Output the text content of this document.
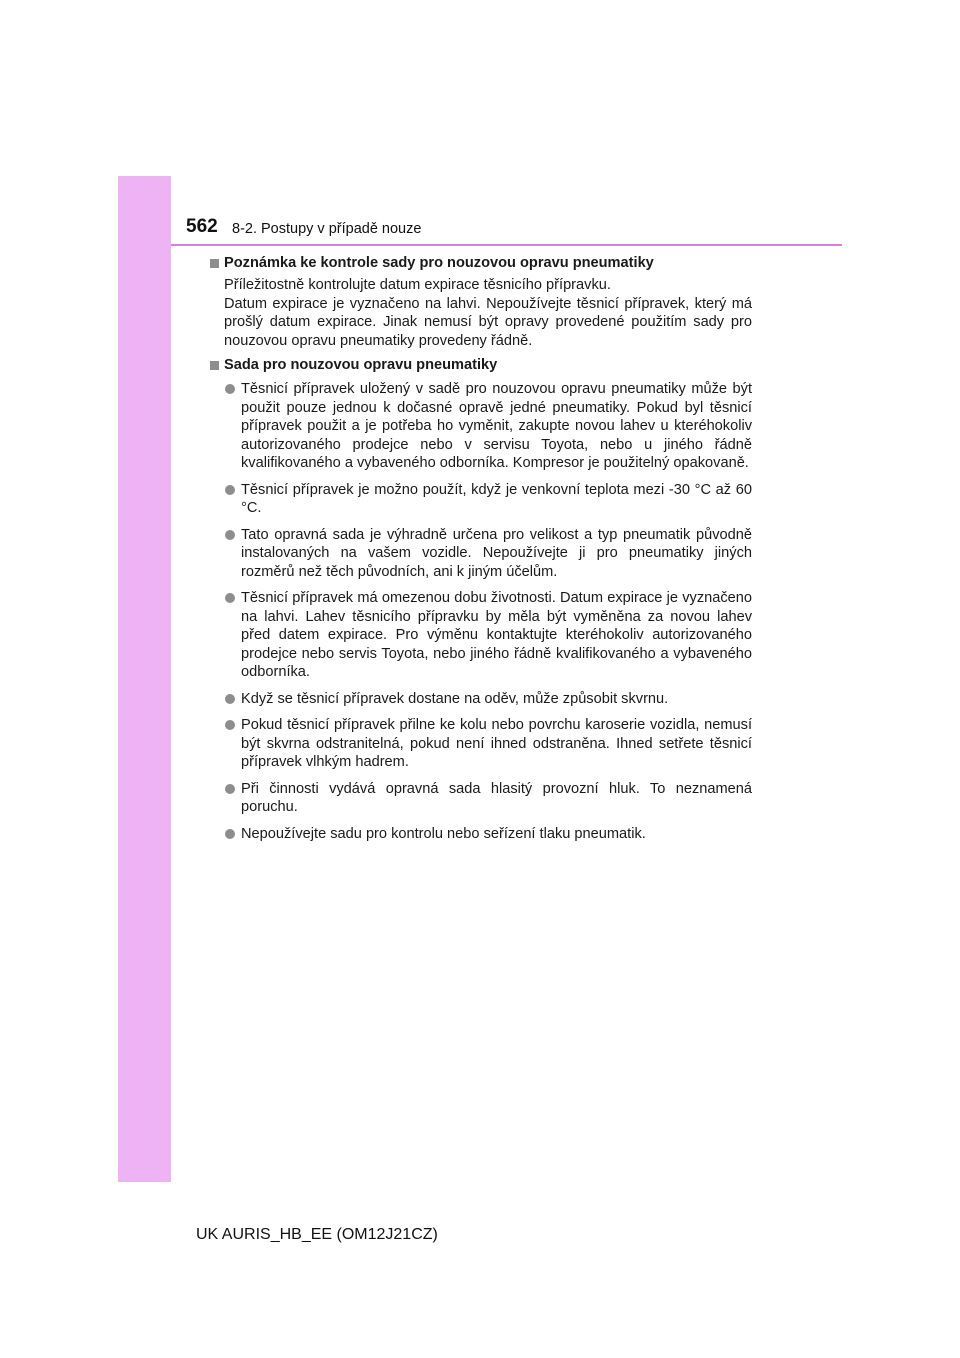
562 8-2. Postupy v případě nouze
Poznámka ke kontrole sady pro nouzovou opravu pneumatiky

Příležitostně kontrolujte datum expirace těsnicího přípravku.

Datum expirace je vyznačeno na lahvi. Nepoužívejte těsnicí přípravek, který má prošlý datum expirace. Jinak nemusí být opravy provedené použitím sady pro nouzovou opravu pneumatiky provedeny řádně.

Sada pro nouzovou opravu pneumatiky
Těsnicí přípravek uložený v sadě pro nouzovou opravu pneumatiky může být použit pouze jednou k dočasné opravě jedné pneumatiky. Pokud byl těsnicí přípravek použit a je potřeba ho vyměnit, zakupte novou lahev u kteréhokoliv autorizovaného prodejce nebo v servisu Toyota, nebo u jiného řádně kvalifikovaného a vybaveného odborníka. Kompresor je použitelný opakovaně.
Těsnicí přípravek je možno použít, když je venkovní teplota mezi -30 °C až 60 °C.
Tato opravná sada je výhradně určena pro velikost a typ pneumatik původně instalovaných na vašem vozidle. Nepoužívejte ji pro pneumatiky jiných rozměrů než těch původních, ani k jiným účelům.
Těsnicí přípravek má omezenou dobu životnosti. Datum expirace je vyznačeno na lahvi. Lahev těsnicího přípravku by měla být vyměněna za novou lahev před datem expirace. Pro výměnu kontaktujte kteréhokoliv autorizovaného prodejce nebo servis Toyota, nebo jiného řádně kvalifikovaného a vybaveného odborníka.
Když se těsnicí přípravek dostane na oděv, může způsobit skvrnu.
Pokud těsnicí přípravek přilne ke kolu nebo povrchu karoserie vozidla, nemusí být skvrna odstranitelná, pokud není ihned odstraněna. Ihned setřete těsnicí přípravek vlhkým hadrem.
Při činnosti vydává opravná sada hlasitý provozní hluk. To neznamená poruchu.
Nepoužívejte sadu pro kontrolu nebo seřízení tlaku pneumatik.
UK AURIS_HB_EE (OM12J21CZ)
